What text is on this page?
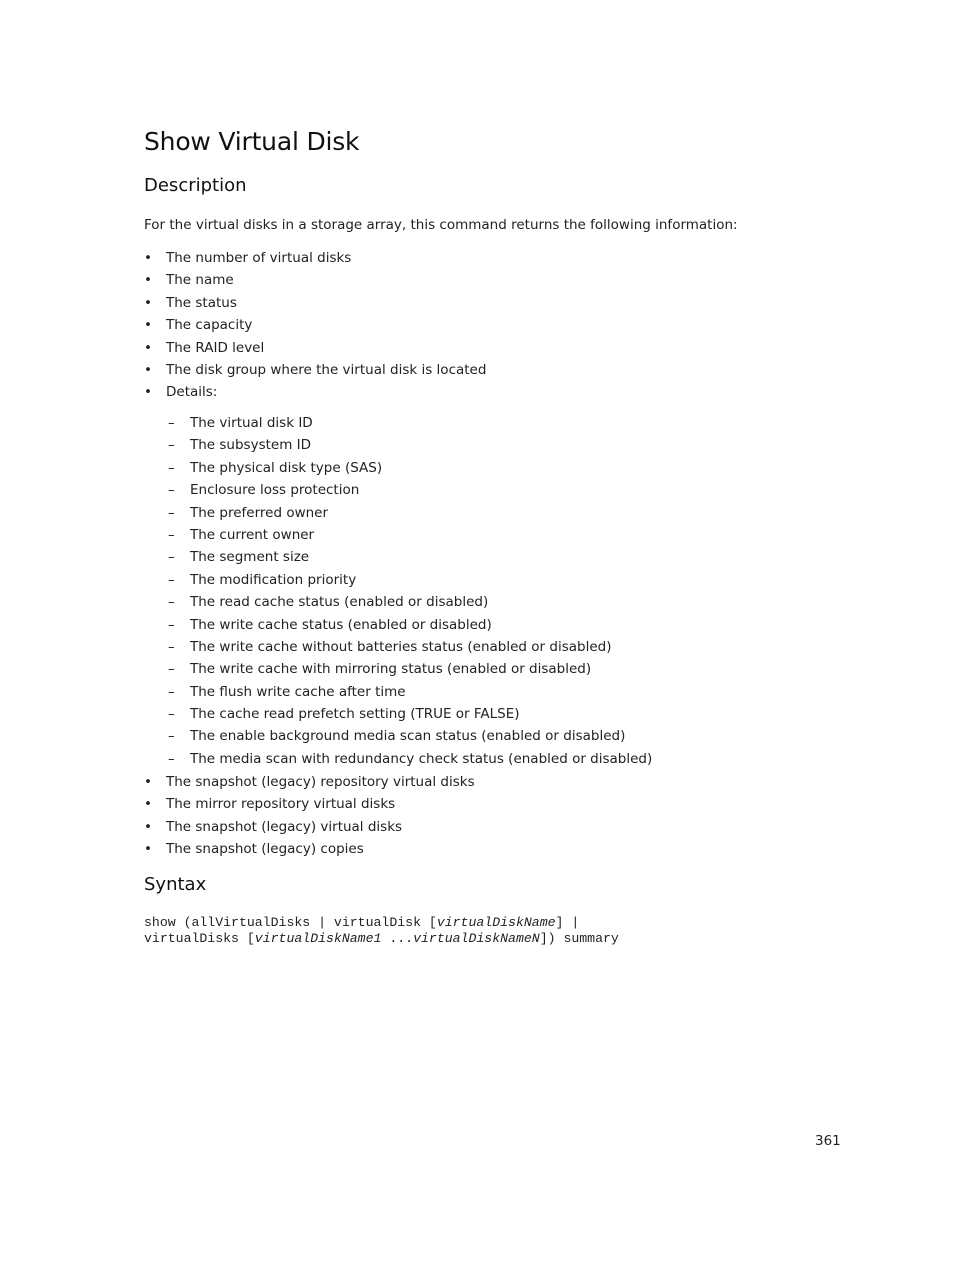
Show Virtual Disk
Description

For the virtual disks in a storage array, this command returns the following information:

• The number of virtual disks
• The name
• The status
• The capacity
• The RAID level
• The disk group where the virtual disk is located
• Details:
– The virtual disk ID
– The subsystem ID
– The physical disk type (SAS)
– Enclosure loss protection
– The preferred owner
– The current owner
– The segment size
– The modification priority
– The read cache status (enabled or disabled)
– The write cache status (enabled or disabled)
– The write cache without batteries status (enabled or disabled)
– The write cache with mirroring status (enabled or disabled)
– The flush write cache after time
– The cache read prefetch setting (TRUE or FALSE)
– The enable background media scan status (enabled or disabled)
– The media scan with redundancy check status (enabled or disabled)
• The snapshot (legacy) repository virtual disks
• The mirror repository virtual disks
• The snapshot (legacy) virtual disks
• The snapshot (legacy) copies
Syntax
show (allVirtualDisks | virtualDisk [virtualDiskName] |
virtualDisks [virtualDiskName1 ...virtualDiskNameN]) summary
361
